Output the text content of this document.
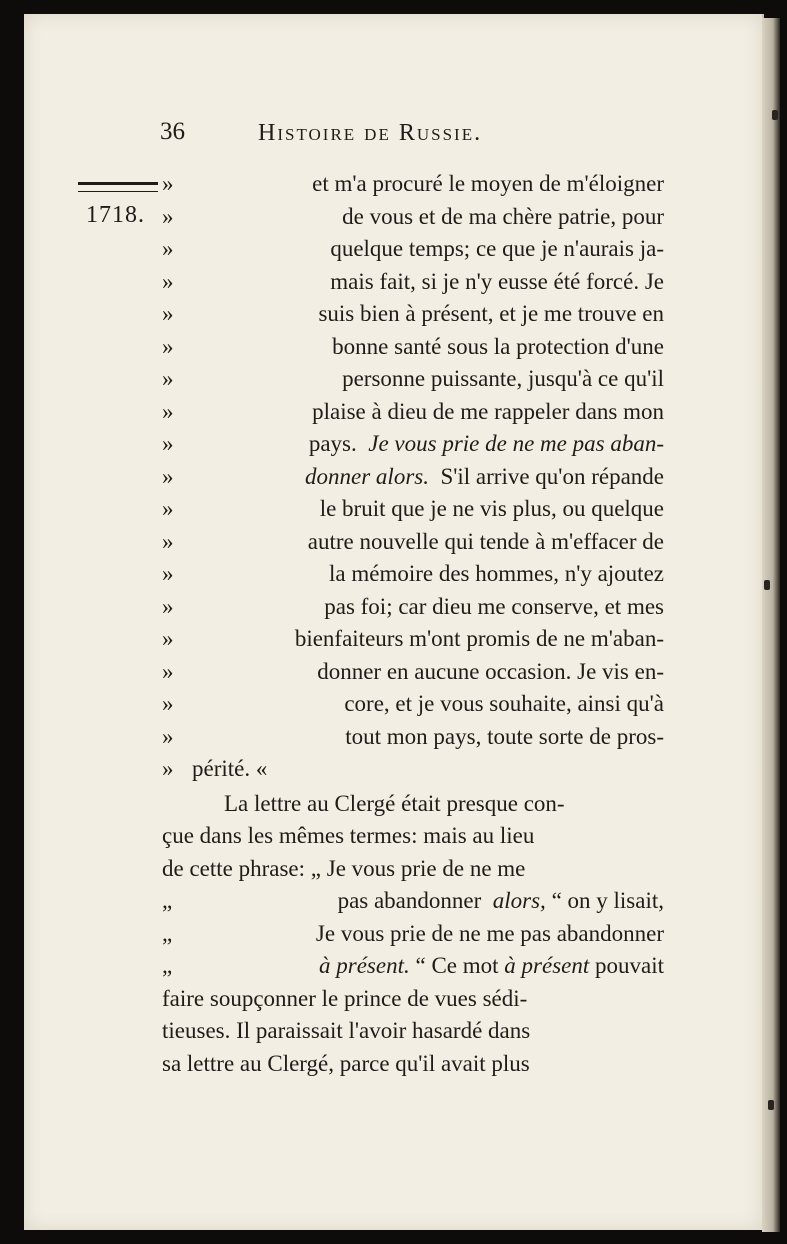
36	Histoire de Russie.
1718.
»	et m'a procuré le moyen de m'éloigner
»	de vous et de ma chère patrie, pour
»	quelque temps; ce que je n'aurais ja-
»	mais fait, si je n'y eusse été forcé. Je
»	suis bien à présent, et je me trouve en
»	bonne santé sous la protection d'une
»	personne puissante, jusqu'à ce qu'il
»	plaise à dieu de me rappeler dans mon
»	pays. Je vous prie de ne me pas aban-
»	donner alors. S'il arrive qu'on répande
»	le bruit que je ne vis plus, ou quelque
»	autre nouvelle qui tende à m'effacer de
»	la mémoire des hommes, n'y ajoutez
»	pas foi; car dieu me conserve, et mes
»	bienfaiteurs m'ont promis de ne m'aban-
»	donner en aucune occasion. Je vis en-
»	core, et je vous souhaite, ainsi qu'à
»	tout mon pays, toute sorte de pros-
» périté. «
La lettre au Clergé était presque con-
çue dans les mêmes termes: mais au lieu
de cette phrase: „ Je vous prie de ne me
„	pas abandonner alors, “ on y lisait,
„	Je vous prie de ne me pas abandonner
„	à présent. “ Ce mot à présent pouvait
faire soupçonner le prince de vues sédi-
tieuses. Il paraissait l'avoir hasardé dans
sa lettre au Clergé, parce qu'il avait plus
